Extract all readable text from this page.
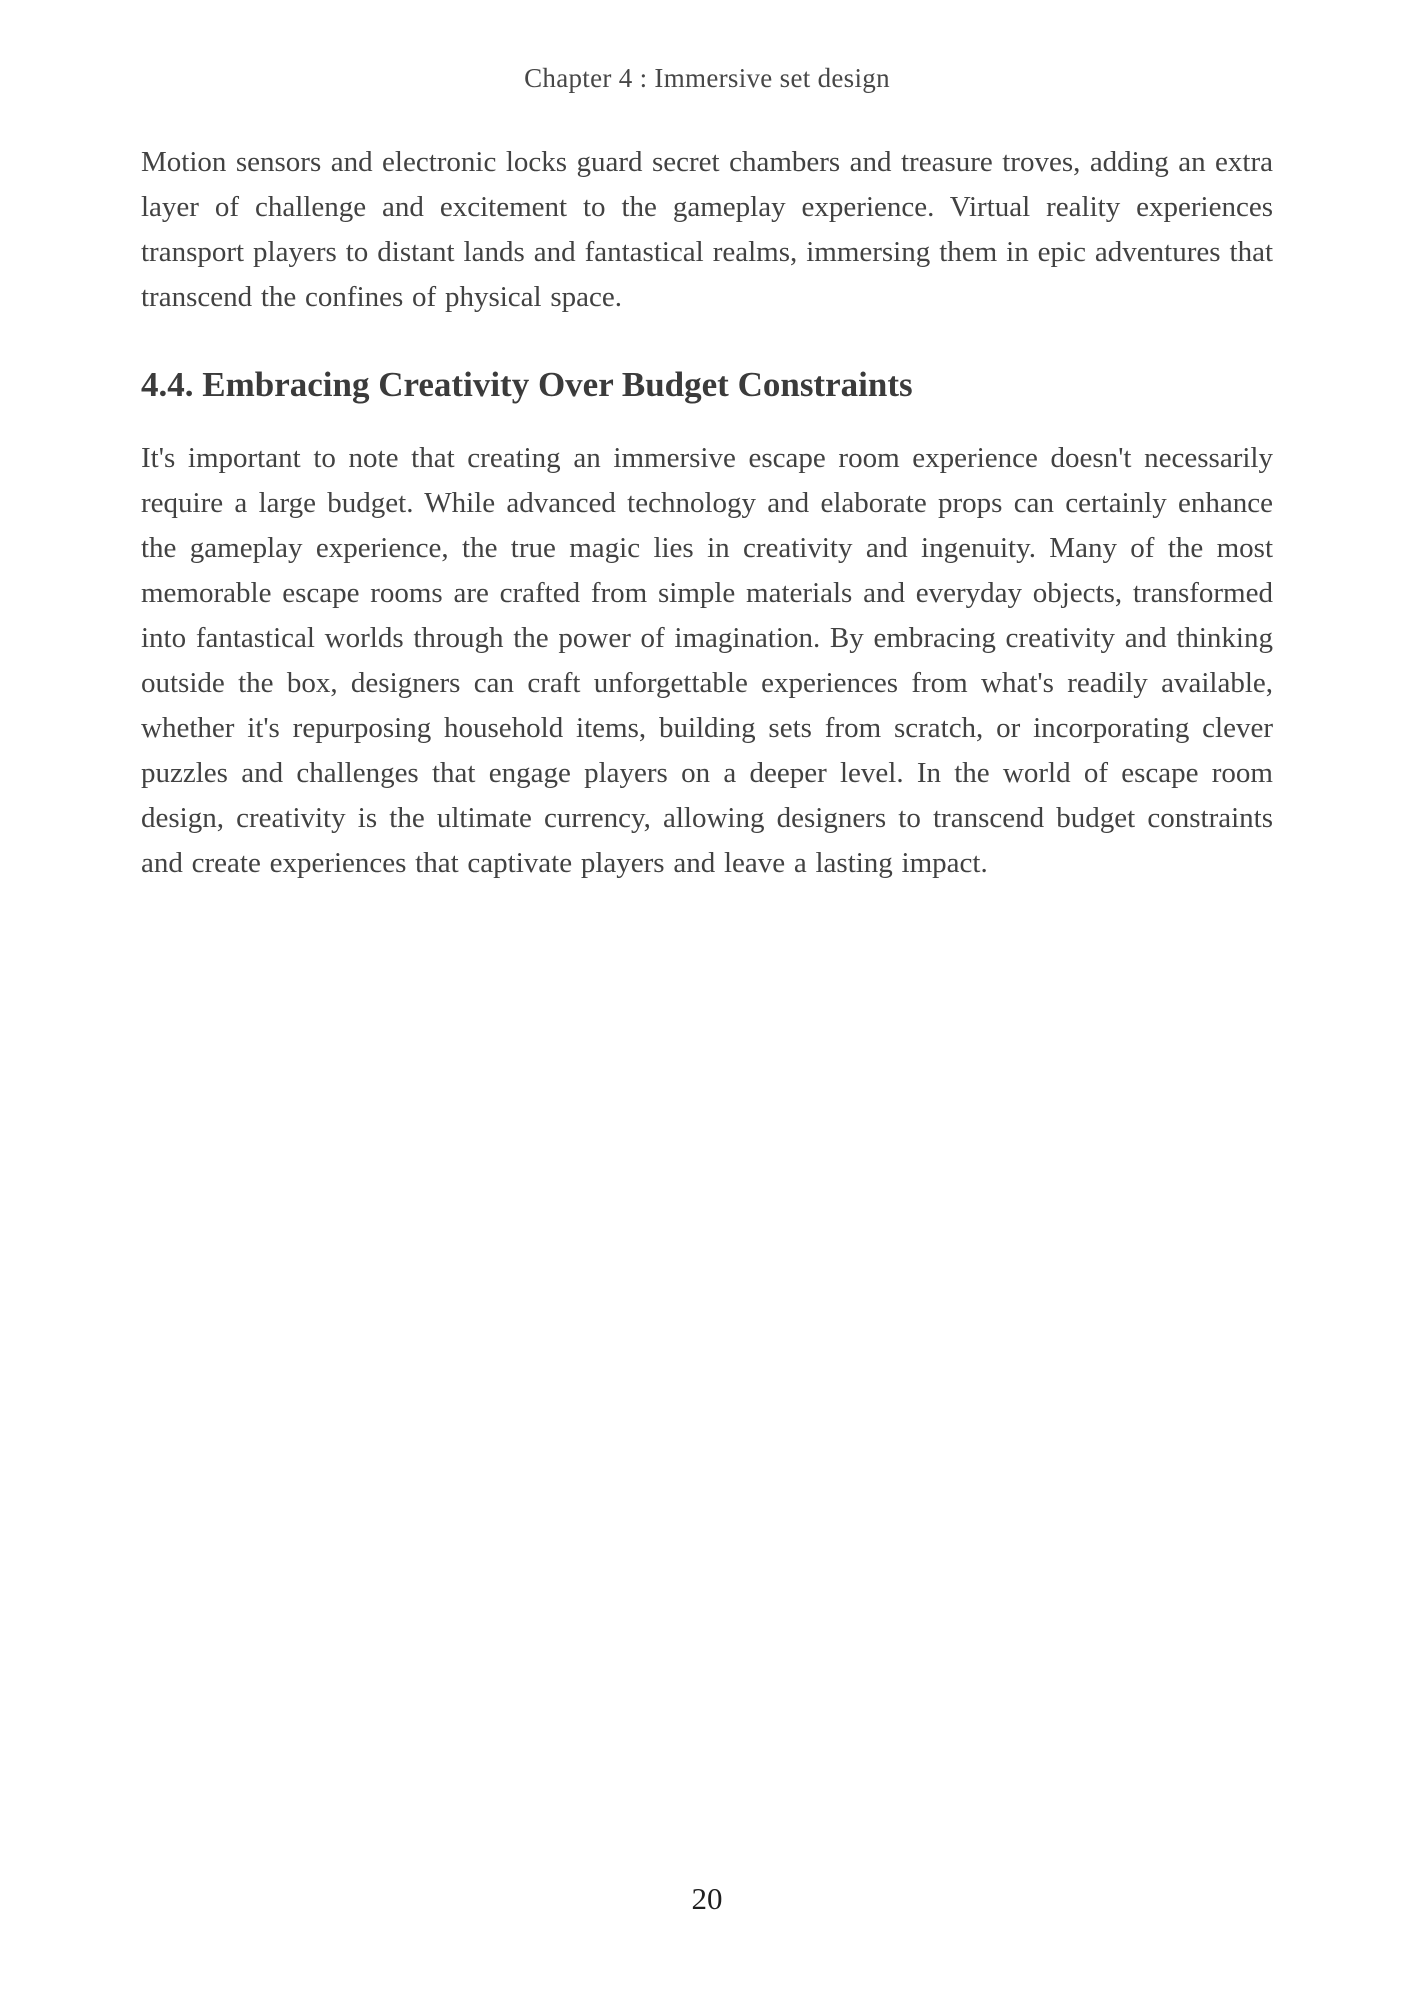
Chapter 4 : Immersive set design

Motion sensors and electronic locks guard secret chambers and treasure troves, adding an extra layer of challenge and excitement to the gameplay experience. Virtual reality experiences transport players to distant lands and fantastical realms, immersing them in epic adventures that transcend the confines of physical space.

4.4. Embracing Creativity Over Budget Constraints

It's important to note that creating an immersive escape room experience doesn't necessarily require a large budget. While advanced technology and elaborate props can certainly enhance the gameplay experience, the true magic lies in creativity and ingenuity. Many of the most memorable escape rooms are crafted from simple materials and everyday objects, transformed into fantastical worlds through the power of imagination. By embracing creativity and thinking outside the box, designers can craft unforgettable experiences from what's readily available, whether it's repurposing household items, building sets from scratch, or incorporating clever puzzles and challenges that engage players on a deeper level. In the world of escape room design, creativity is the ultimate currency, allowing designers to transcend budget constraints and create experiences that captivate players and leave a lasting impact.

20
